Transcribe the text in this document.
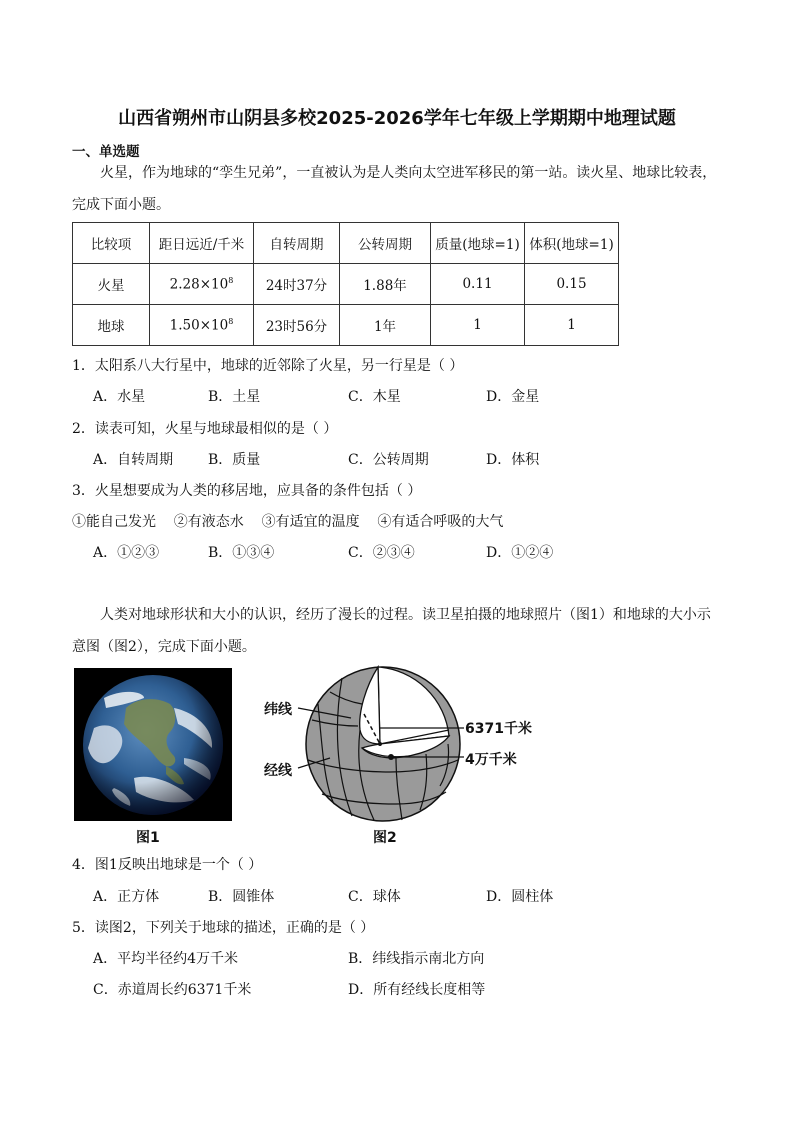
山西省朔州市山阴县多校2025-2026学年七年级上学期期中地理试题
一、单选题
火星，作为地球的“孪生兄弟”，一直被认为是人类向太空进军移民的第一站。读火星、地球比较表，
完成下面小题。
比较项	距日远近/千米	自转周期	公转周期	质量(地球=1)	体积(地球=1)
火星	$2.28\times 10^8$	24时37分	1.88年	0.11	0.15
地球	$1.50\times 10^8$	23时56分	1年	1	1
1．太阳系八大行星中，地球的近邻除了火星，另一行星是（ ）
A．水星	B．土星	C．木星	D．金星
2．读表可知，火星与地球最相似的是（ ）
A．自转周期 B．质量	C．公转周期	D．体积
3．火星想要成为人类的移居地，应具备的条件包括（ ）
①能自己发光    ②有液态水    ③有适宜的温度    ④有适合呼吸的大气
A．①②③	B．①③④	C．②③④	D．①②④
人类对地球形状和大小的认识，经历了漫长的过程。读卫星拍摄的地球照片（图1）和地球的大小示
意图（图2），完成下面小题。
图1
纬线
经线
6371千米
4万千米
图2
4．图1反映出地球是一个（ ）
A．正方体	B．圆锥体	C．球体	D．圆柱体
5．读图2，下列关于地球的描述，正确的是（ ）
A．平均半径约4万千米	B．纬线指示南北方向
C．赤道周长约6371千米	D．所有经线长度相等
